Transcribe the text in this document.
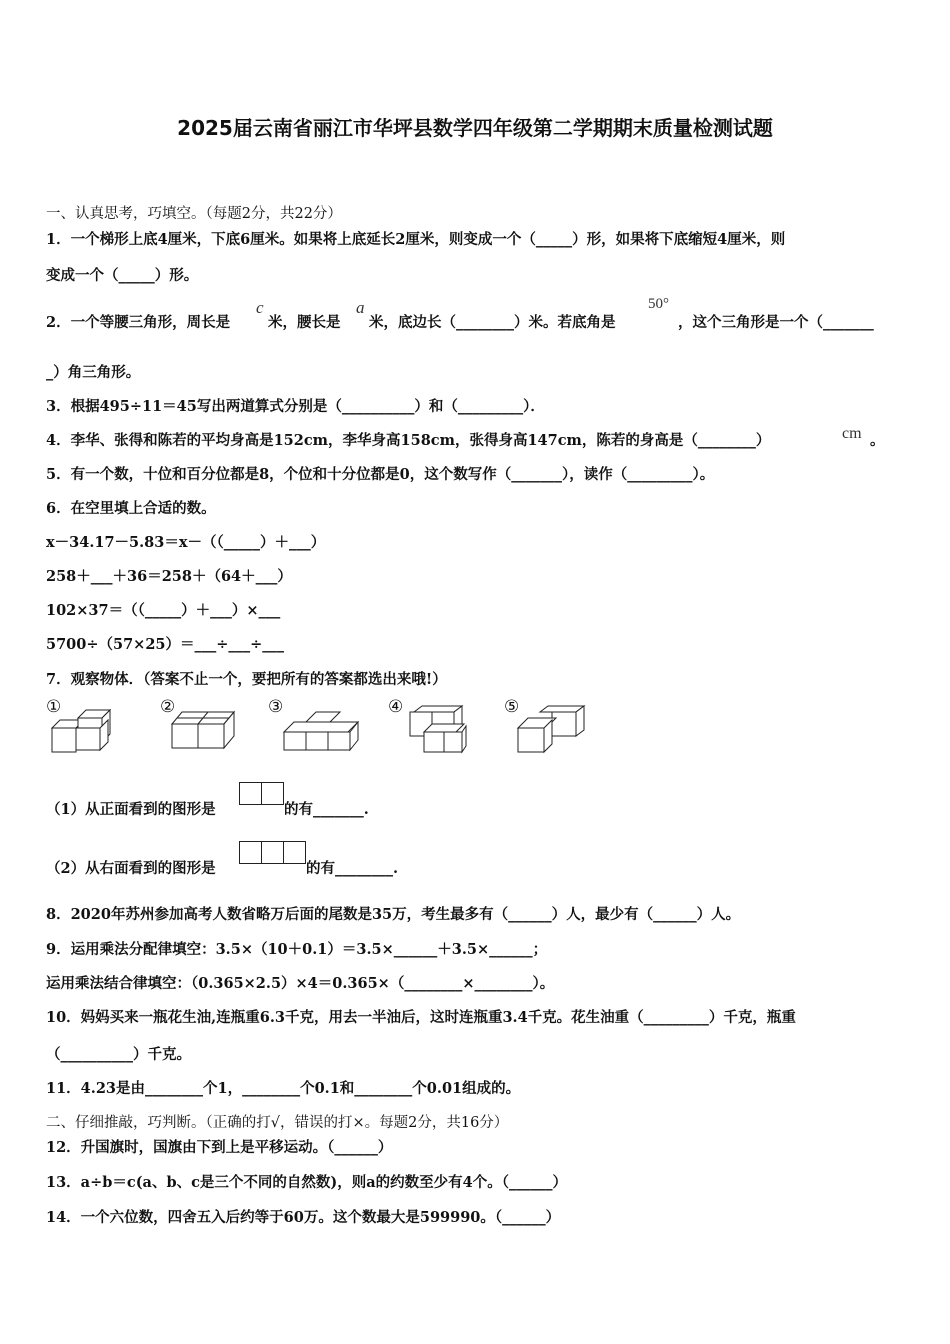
2025届云南省丽江市华坪县数学四年级第二学期期末质量检测试题
一、认真思考，巧填空。（每题2分，共22分）
1．一个梯形上底4厘米，下底6厘米。如果将上底延长2厘米，则变成一个（_____）形，如果将下底缩短4厘米，则
变成一个（_____）形。
2．一个等腰三角形，周长是
c
米，腰长是
a
米，底边长（________）米。若底角是
50°
，这个三角形是一个（_______
_）角三角形。
3．根据495÷11＝45写出两道算式分别是（__________）和（_________）．
4．李华、张得和陈若的平均身高是152cm，李华身高158cm，张得身高147cm，陈若的身高是（________）	cm 。
5．有一个数，十位和百分位都是8，个位和十分位都是0，这个数写作（_______），读作（_________）。
6．在空里填上合适的数。
x－34.17－5.83＝x－（（_____）＋___）
258＋___＋36＝258＋（64＋___）
102×37＝（（_____）＋___）×___
5700÷（57×25）＝___÷___÷___
7．观察物体．（答案不止一个，要把所有的答案都选出来哦!）
①	②	③	④	⑤
（1）从正面看到的图形是	的有_______.
（2）从右面看到的图形是	的有________.
8．2020年苏州参加高考人数省略万后面的尾数是35万，考生最多有（______）人，最少有（______）人。
9．运用乘法分配律填空：3.5×（10＋0.1）＝3.5×______＋3.5×______；
运用乘法结合律填空：（0.365×2.5）×4＝0.365×（________×________）。
10．妈妈买来一瓶花生油,连瓶重6.3千克，用去一半油后，这时连瓶重3.4千克。花生油重（_________）千克，瓶重
（__________）千克。
11．4.23是由________个1，________个0.1和________个0.01组成的。
二、仔细推敲，巧判断。（正确的打√，错误的打×。每题2分，共16分）
12．升国旗时，国旗由下到上是平移运动。（______）
13．a÷b＝c(a、b、c是三个不同的自然数)，则a的约数至少有4个。（______）
14．一个六位数，四舍五入后约等于60万。这个数最大是599990。（______）
